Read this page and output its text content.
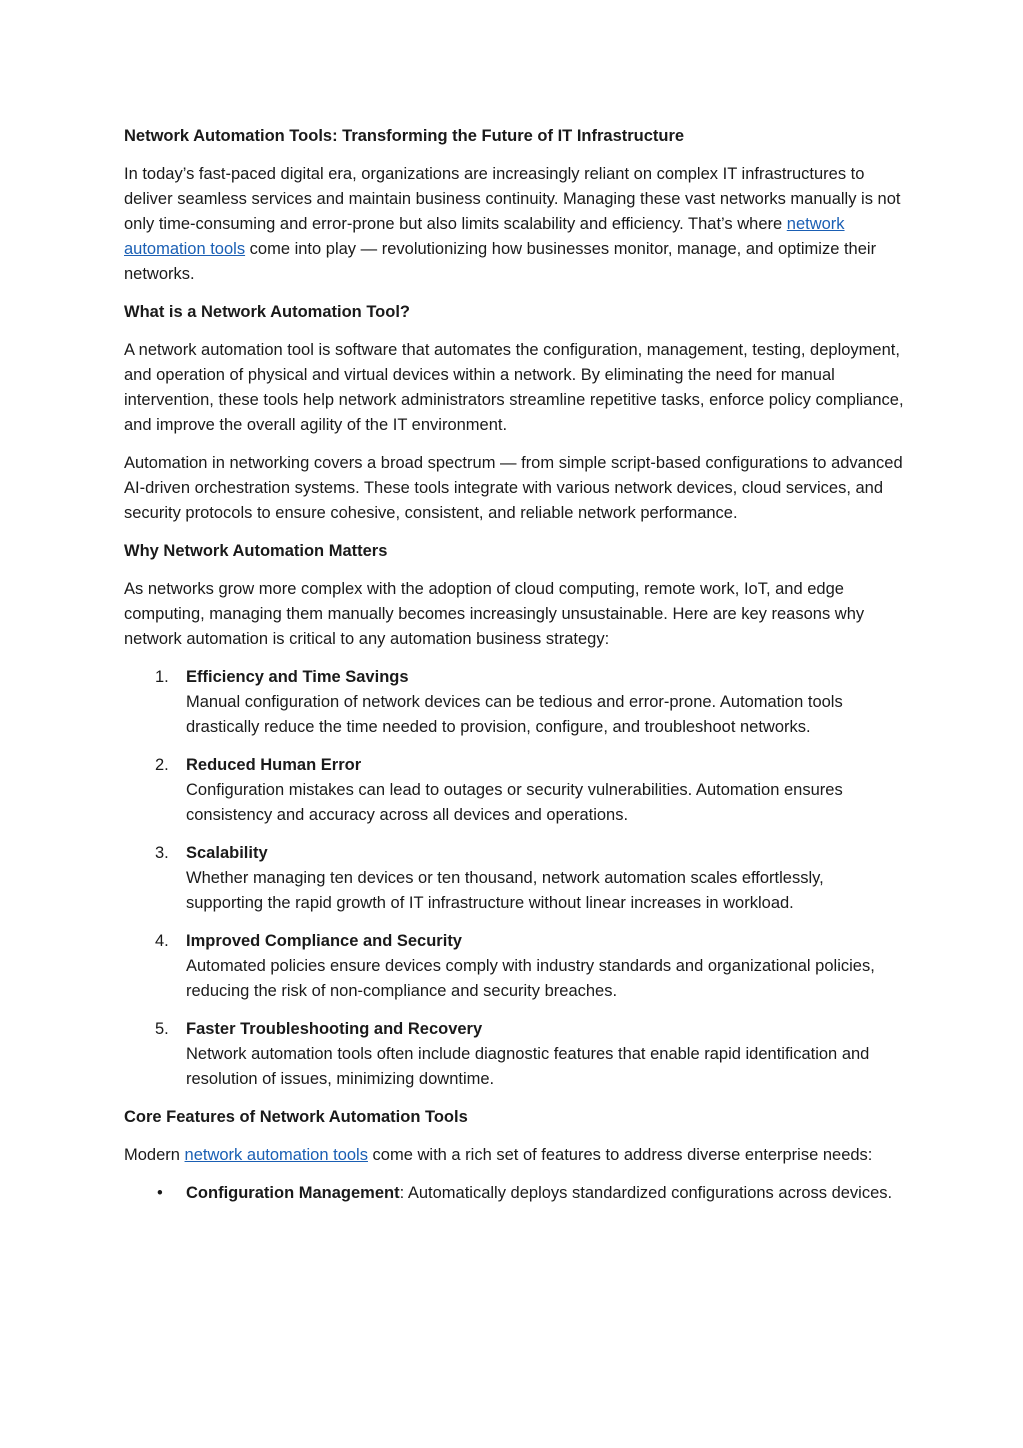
Network Automation Tools: Transforming the Future of IT Infrastructure

In today’s fast-paced digital era, organizations are increasingly reliant on complex IT infrastructures to deliver seamless services and maintain business continuity. Managing these vast networks manually is not only time-consuming and error-prone but also limits scalability and efficiency. That’s where network automation tools come into play — revolutionizing how businesses monitor, manage, and optimize their networks.

What is a Network Automation Tool?

A network automation tool is software that automates the configuration, management, testing, deployment, and operation of physical and virtual devices within a network. By eliminating the need for manual intervention, these tools help network administrators streamline repetitive tasks, enforce policy compliance, and improve the overall agility of the IT environment.

Automation in networking covers a broad spectrum — from simple script-based configurations to advanced AI-driven orchestration systems. These tools integrate with various network devices, cloud services, and security protocols to ensure cohesive, consistent, and reliable network performance.

Why Network Automation Matters

As networks grow more complex with the adoption of cloud computing, remote work, IoT, and edge computing, managing them manually becomes increasingly unsustainable. Here are key reasons why network automation is critical to any automation business strategy:

1. Efficiency and Time Savings
Manual configuration of network devices can be tedious and error-prone. Automation tools drastically reduce the time needed to provision, configure, and troubleshoot networks.
2. Reduced Human Error
Configuration mistakes can lead to outages or security vulnerabilities. Automation ensures consistency and accuracy across all devices and operations.
3. Scalability
Whether managing ten devices or ten thousand, network automation scales effortlessly, supporting the rapid growth of IT infrastructure without linear increases in workload.
4. Improved Compliance and Security
Automated policies ensure devices comply with industry standards and organizational policies, reducing the risk of non-compliance and security breaches.
5. Faster Troubleshooting and Recovery
Network automation tools often include diagnostic features that enable rapid identification and resolution of issues, minimizing downtime.
Core Features of Network Automation Tools

Modern network automation tools come with a rich set of features to address diverse enterprise needs:

• Configuration Management: Automatically deploys standardized configurations across devices.
